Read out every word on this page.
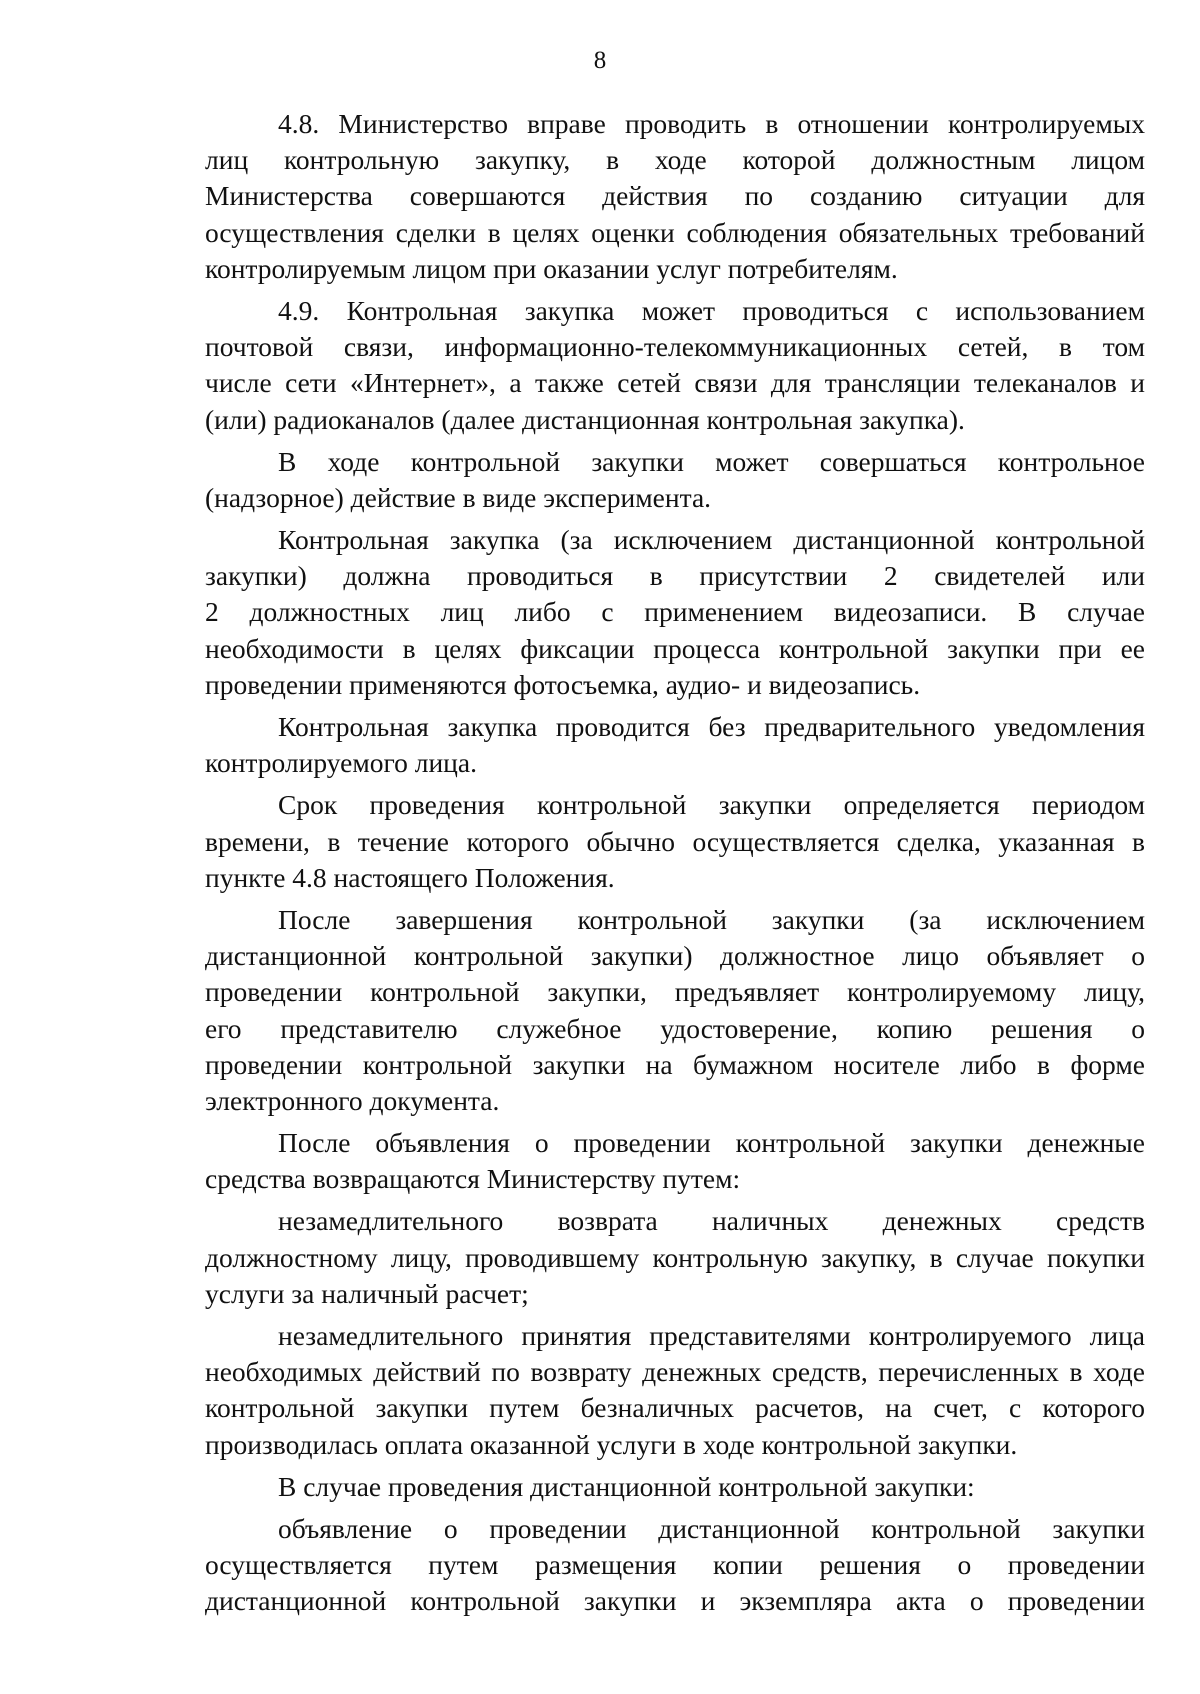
8
4.8. Министерство вправе проводить в отношении контролируемых
лиц контрольную закупку, в ходе которой должностным лицом
Министерства совершаются действия по созданию ситуации для
осуществления сделки в целях оценки соблюдения обязательных требований
контролируемым лицом при оказании услуг потребителям.
4.9. Контрольная закупка может проводиться с использованием
почтовой связи, информационно-телекоммуникационных сетей, в том
числе сети «Интернет», а также сетей связи для трансляции телеканалов и
(или) радиоканалов (далее дистанционная контрольная закупка).
В ходе контрольной закупки может совершаться контрольное
(надзорное) действие в виде эксперимента.
Контрольная закупка (за исключением дистанционной контрольной
закупки) должна проводиться в присутствии 2 свидетелей или
2 должностных лиц либо с применением видеозаписи. В случае
необходимости в целях фиксации процесса контрольной закупки при ее
проведении применяются фотосъемка, аудио- и видеозапись.
Контрольная закупка проводится без предварительного уведомления
контролируемого лица.
Срок проведения контрольной закупки определяется периодом
времени, в течение которого обычно осуществляется сделка, указанная в
пункте 4.8 настоящего Положения.
После завершения контрольной закупки (за исключением
дистанционной контрольной закупки) должностное лицо объявляет о
проведении контрольной закупки, предъявляет контролируемому лицу,
его представителю служебное удостоверение, копию решения о
проведении контрольной закупки на бумажном носителе либо в форме
электронного документа.
После объявления о проведении контрольной закупки денежные
средства возвращаются Министерству путем:
незамедлительного возврата наличных денежных средств
должностному лицу, проводившему контрольную закупку, в случае покупки
услуги за наличный расчет;
незамедлительного принятия представителями контролируемого лица
необходимых действий по возврату денежных средств, перечисленных в ходе
контрольной закупки путем безналичных расчетов, на счет, с которого
производилась оплата оказанной услуги в ходе контрольной закупки.
В случае проведения дистанционной контрольной закупки:
объявление о проведении дистанционной контрольной закупки
осуществляется путем размещения копии решения о проведении
дистанционной контрольной закупки и экземпляра акта о проведении
